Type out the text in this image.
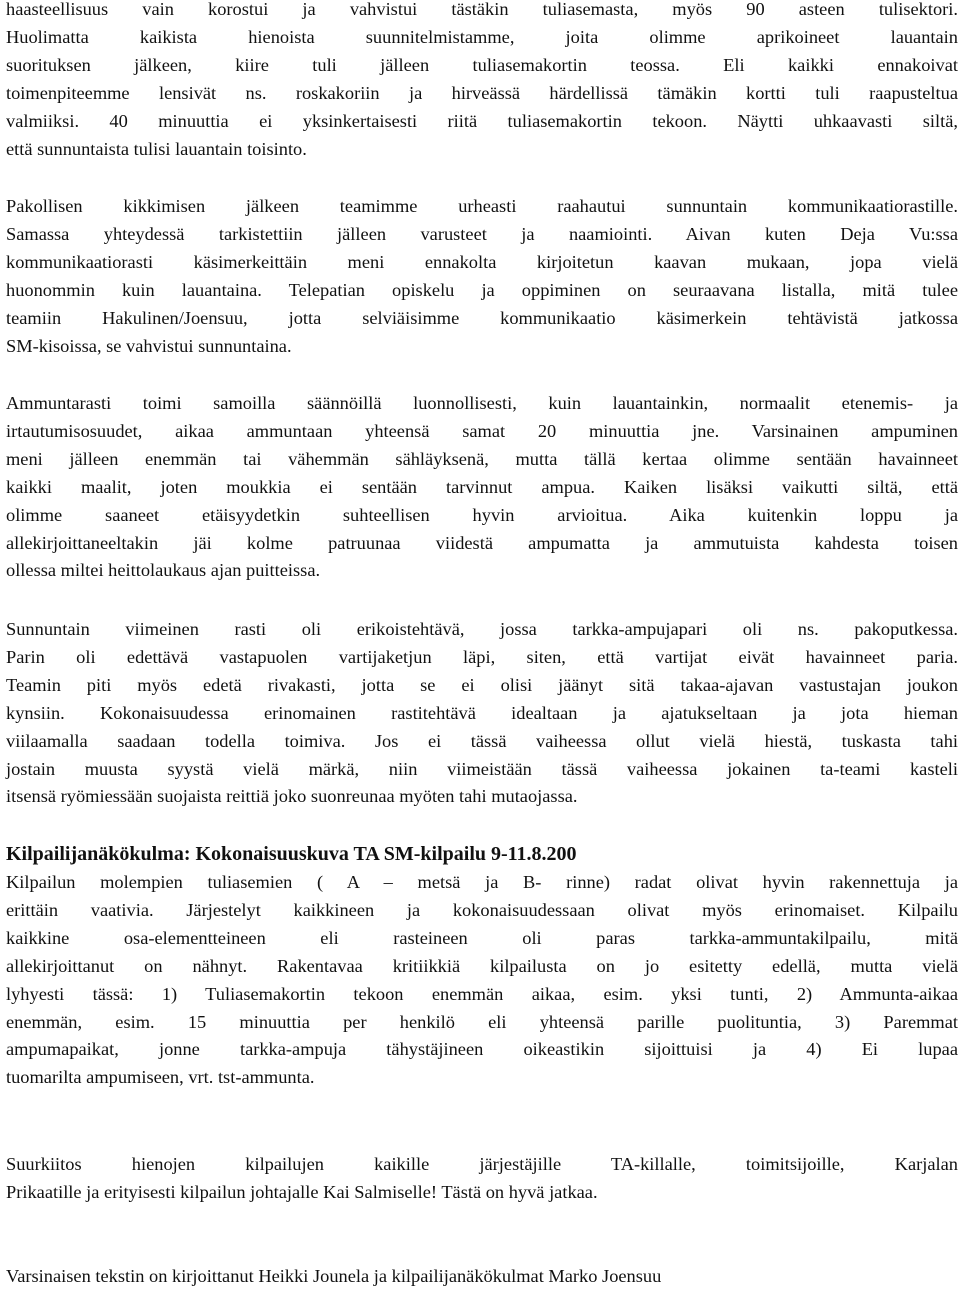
haasteellisuus vain korostui ja vahvistui tästäkin tuliasemasta, myös 90 asteen tulisektori.
Huolimatta kaikista hienoista suunnitelmistamme, joita olimme aprikoineet lauantain
suorituksen jälkeen, kiire tuli jälleen tuliasemakortin teossa. Eli kaikki ennakoivat
toimenpiteemme lensivät ns. roskakoriin ja hirveässä härdellissä tämäkin kortti tuli raapusteltua
valmiiksi. 40 minuuttia ei yksinkertaisesti riitä tuliasemakortin tekoon. Näytti uhkaavasti siltä,
että sunnuntaista tulisi lauantain toisinto.
Pakollisen kikkimisen jälkeen teamimme urheasti raahautui sunnuntain kommunikaatiorastille.
Samassa yhteydessä tarkistettiin jälleen varusteet ja naamiointi. Aivan kuten Deja Vu:ssa
kommunikaatiorasti käsimerkeittäin meni ennakolta kirjoitetun kaavan mukaan, jopa vielä
huonommin kuin lauantaina. Telepatian opiskelu ja oppiminen on seuraavana listalla, mitä tulee
teamiin Hakulinen/Joensuu, jotta selviäisimme kommunikaatio käsimerkein tehtävistä jatkossa
SM-kisoissa, se vahvistui sunnuntaina.
Ammuntarasti toimi samoilla säännöillä luonnollisesti, kuin lauantainkin, normaalit etenemis- ja
irtautumisosuudet, aikaa ammuntaan yhteensä samat 20 minuuttia jne. Varsinainen ampuminen
meni jälleen enemmän tai vähemmän sähläyksenä, mutta tällä kertaa olimme sentään havainneet
kaikki maalit, joten moukkia ei sentään tarvinnut ampua. Kaiken lisäksi vaikutti siltä, että
olimme saaneet etäisyydetkin suhteellisen hyvin arvioitua. Aika kuitenkin loppu ja
allekirjoittaneeltakin jäi kolme patruunaa viidestä ampumatta ja ammutuista kahdesta toisen
ollessa miltei heittolaukaus ajan puitteissa.
Sunnuntain viimeinen rasti oli erikoistehtävä, jossa tarkka-ampujapari oli ns. pakoputkessa.
Parin oli edettävä vastapuolen vartijaketjun läpi, siten, että vartijat eivät havainneet paria.
Teamin piti myös edetä rivakasti, jotta se ei olisi jäänyt sitä takaa-ajavan vastustajan joukon
kynsiin. Kokonaisuudessa erinomainen rastitehtävä idealtaan ja ajatukseltaan ja jota hieman
viilaamalla saadaan todella toimiva. Jos ei tässä vaiheessa ollut vielä hiestä, tuskasta tahi
jostain muusta syystä vielä märkä, niin viimeistään tässä vaiheessa jokainen ta-teami kasteli
itsensä ryömiessään suojaista reittiä joko suonreunaa myöten tahi mutaojassa.
Kilpailijanäkökulma: Kokonaisuuskuva TA SM-kilpailu 9-11.8.200
Kilpailun molempien tuliasemien ( A – metsä ja B- rinne) radat olivat hyvin rakennettuja ja
erittäin vaativia. Järjestelyt kaikkineen ja kokonaisuudessaan olivat myös erinomaiset. Kilpailu
kaikkine osa-elementteineen eli rasteineen oli paras tarkka-ammuntakilpailu, mitä
allekirjoittanut on nähnyt. Rakentavaa kritiikkiä kilpailusta on jo esitetty edellä, mutta vielä
lyhyesti tässä: 1) Tuliasemakortin tekoon enemmän aikaa, esim. yksi tunti, 2) Ammunta-aikaa
enemmän, esim. 15 minuuttia per henkilö eli yhteensä parille puolituntia, 3) Paremmat
ampumapaikat, jonne tarkka-ampuja tähystäjineen oikeastikin sijoittuisi ja 4) Ei lupaa
tuomarilta ampumiseen, vrt. tst-ammunta.
Suurkiitos hienojen kilpailujen kaikille järjestäjille TA-killalle, toimitsijoille, Karjalan
Prikaatille ja erityisesti kilpailun johtajalle Kai Salmiselle! Tästä on hyvä jatkaa.
Varsinaisen tekstin on kirjoittanut Heikki Jounela ja kilpailijanäkökulmat Marko Joensuu
